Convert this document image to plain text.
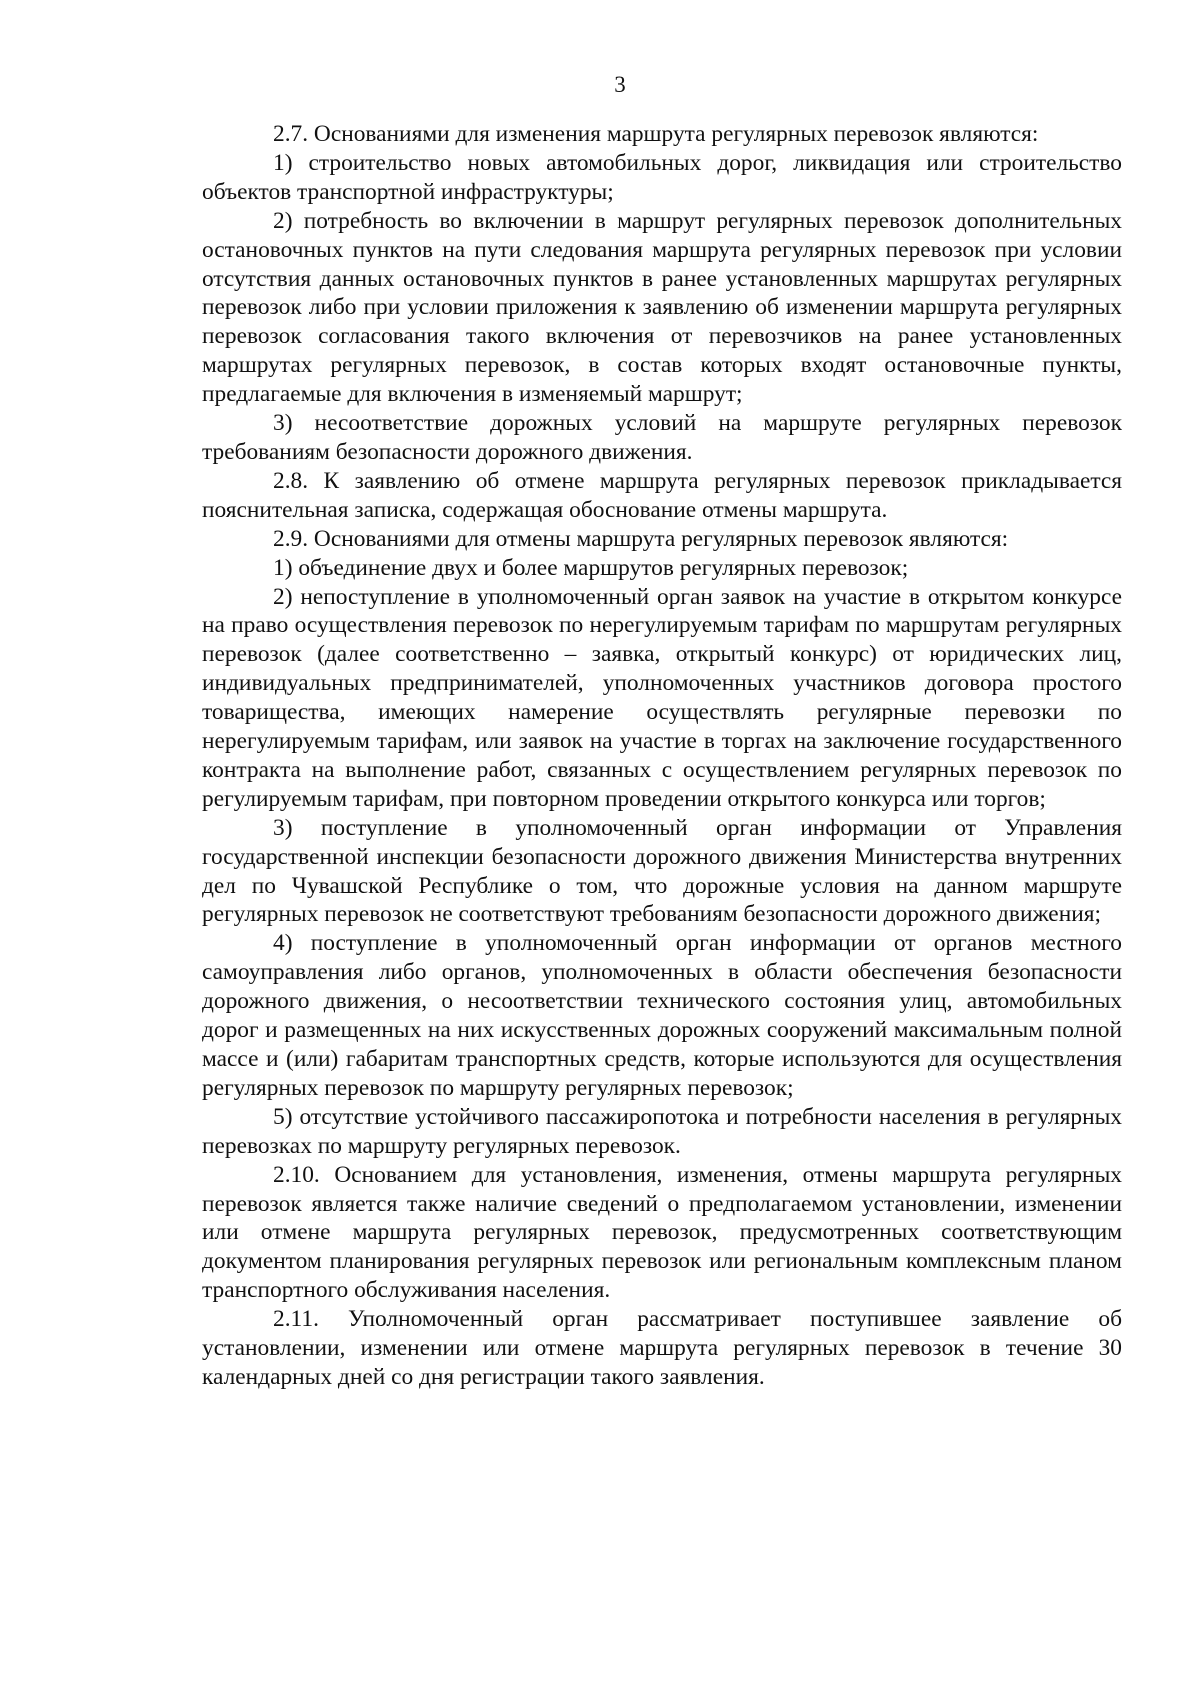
3

2.7. Основаниями для изменения маршрута регулярных перевозок являются:

1) строительство новых автомобильных дорог, ликвидация или строительство объектов транспортной инфраструктуры;

2) потребность во включении в маршрут регулярных перевозок дополнительных остановочных пунктов на пути следования маршрута регулярных перевозок при условии отсутствия данных остановочных пунктов в ранее установленных маршрутах регулярных перевозок либо при условии приложения к заявлению об изменении маршрута регулярных перевозок согласования такого включения от перевозчиков на ранее установленных маршрутах регулярных перевозок, в состав которых входят остановочные пункты, предлагаемые для включения в изменяемый маршрут;

3) несоответствие дорожных условий на маршруте регулярных перевозок требованиям безопасности дорожного движения.

2.8. К заявлению об отмене маршрута регулярных перевозок прикладывается пояснительная записка, содержащая обоснование отмены маршрута.

2.9. Основаниями для отмены маршрута регулярных перевозок являются:

1) объединение двух и более маршрутов регулярных перевозок;

2) непоступление в уполномоченный орган заявок на участие в открытом конкурсе на право осуществления перевозок по нерегулируемым тарифам по маршрутам регулярных перевозок (далее соответственно – заявка, открытый конкурс) от юридических лиц, индивидуальных предпринимателей, уполномоченных участников договора простого товарищества, имеющих намерение осуществлять регулярные перевозки по нерегулируемым тарифам, или заявок на участие в торгах на заключение государственного контракта на выполнение работ, связанных с осуществлением регулярных перевозок по регулируемым тарифам, при повторном проведении открытого конкурса или торгов;

3) поступление в уполномоченный орган информации от Управления государственной инспекции безопасности дорожного движения Министерства внутренних дел по Чувашской Республике о том, что дорожные условия на данном маршруте регулярных перевозок не соответствуют требованиям безопасности дорожного движения;

4) поступление в уполномоченный орган информации от органов местного самоуправления либо органов, уполномоченных в области обеспечения безопасности дорожного движения, о несоответствии технического состояния улиц, автомобильных дорог и размещенных на них искусственных дорожных сооружений максимальным полной массе и (или) габаритам транспортных средств, которые используются для осуществления регулярных перевозок по маршруту регулярных перевозок;

5) отсутствие устойчивого пассажиропотока и потребности населения в регулярных перевозках по маршруту регулярных перевозок.

2.10. Основанием для установления, изменения, отмены маршрута регулярных перевозок является также наличие сведений о предполагаемом установлении, изменении или отмене маршрута регулярных перевозок, предусмотренных соответствующим документом планирования регулярных перевозок или региональным комплексным планом транспортного обслуживания населения.

2.11. Уполномоченный орган рассматривает поступившее заявление об установлении, изменении или отмене маршрута регулярных перевозок в течение 30 календарных дней со дня регистрации такого заявления.
